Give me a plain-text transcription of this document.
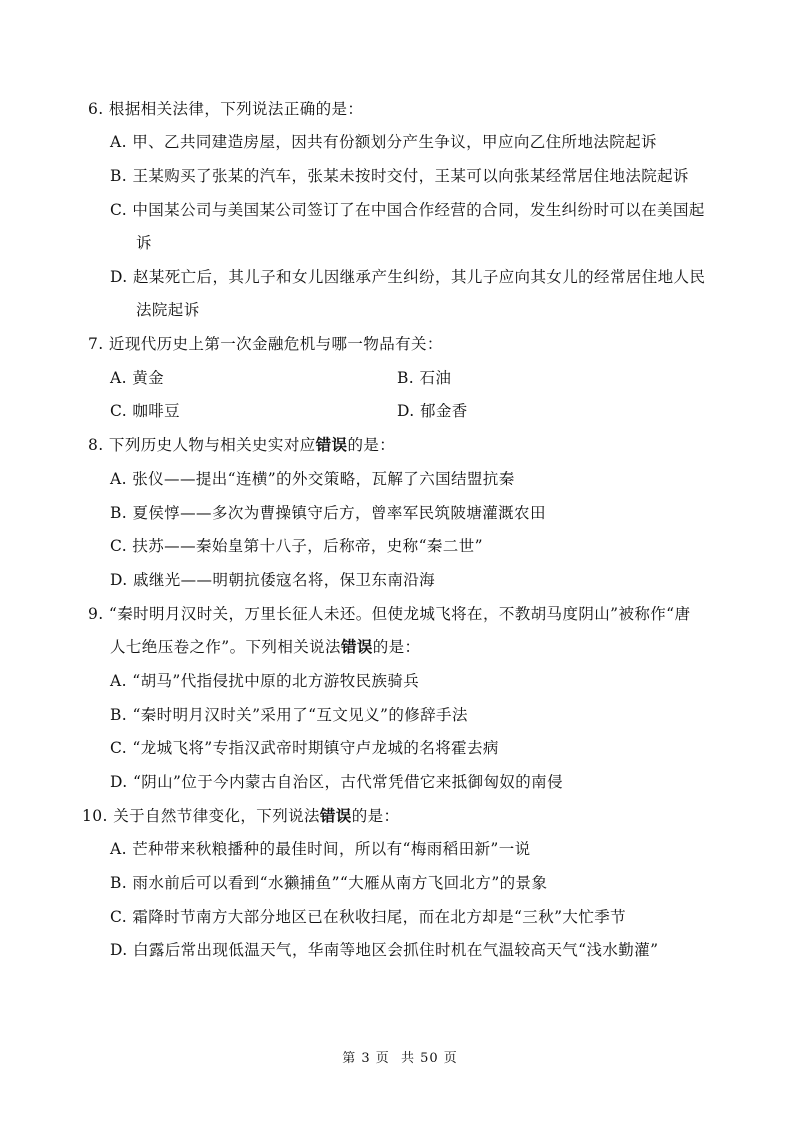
6. 根据相关法律，下列说法正确的是：
A. 甲、乙共同建造房屋，因共有份额划分产生争议，甲应向乙住所地法院起诉
B. 王某购买了张某的汽车，张某未按时交付，王某可以向张某经常居住地法院起诉
C. 中国某公司与美国某公司签订了在中国合作经营的合同，发生纠纷时可以在美国起
诉
D. 赵某死亡后，其儿子和女儿因继承产生纠纷，其儿子应向其女儿的经常居住地人民
法院起诉
7. 近现代历史上第一次金融危机与哪一物品有关：
A. 黄金	B. 石油
C. 咖啡豆	D. 郁金香
8. 下列历史人物与相关史实对应错误的是：
A. 张仪——提出“连横”的外交策略，瓦解了六国结盟抗秦
B. 夏侯惇——多次为曹操镇守后方，曾率军民筑陂塘灌溉农田
C. 扶苏——秦始皇第十八子，后称帝，史称“秦二世”
D. 戚继光——明朝抗倭寇名将，保卫东南沿海
9. “秦时明月汉时关，万里长征人未还。但使龙城飞将在，不教胡马度阴山”被称作“唐
人七绝压卷之作”。下列相关说法错误的是：
A. “胡马”代指侵扰中原的北方游牧民族骑兵
B. “秦时明月汉时关”采用了“互文见义”的修辞手法
C. “龙城飞将”专指汉武帝时期镇守卢龙城的名将霍去病
D. “阴山”位于今内蒙古自治区，古代常凭借它来抵御匈奴的南侵
10. 关于自然节律变化，下列说法错误的是：
A. 芒种带来秋粮播种的最佳时间，所以有“梅雨稻田新”一说
B. 雨水前后可以看到“水獭捕鱼”“大雁从南方飞回北方”的景象
C. 霜降时节南方大部分地区已在秋收扫尾，而在北方却是“三秋”大忙季节
D. 白露后常出现低温天气，华南等地区会抓住时机在气温较高天气“浅水勤灌”
第 3 页 共 50 页
